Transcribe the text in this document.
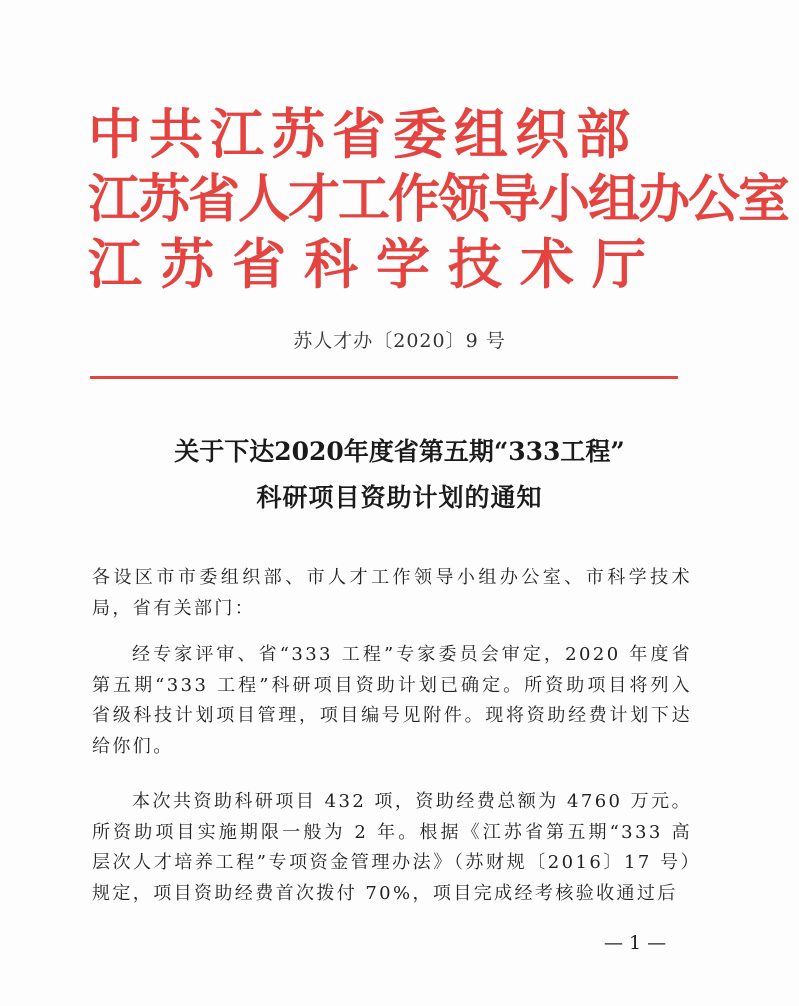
中共江苏省委组织部
江苏省人才工作领导小组办公室
江苏省科学技术厅
苏人才办〔2020〕9 号
关于下达2020年度省第五期“333工程”
科研项目资助计划的通知
各设区市市委组织部、市人才工作领导小组办公室、市科学技术局，省有关部门：
经专家评审、省“333 工程”专家委员会审定，2020 年度省第五期“333 工程”科研项目资助计划已确定。所资助项目将列入省级科技计划项目管理，项目编号见附件。现将资助经费计划下达给你们。
本次共资助科研项目 432 项，资助经费总额为 4760 万元。所资助项目实施期限一般为 2 年。根据《江苏省第五期“333 高层次人才培养工程”专项资金管理办法》（苏财规〔2016〕17 号）规定，项目资助经费首次拨付 70%，项目完成经考核验收通过后
— 1 —
